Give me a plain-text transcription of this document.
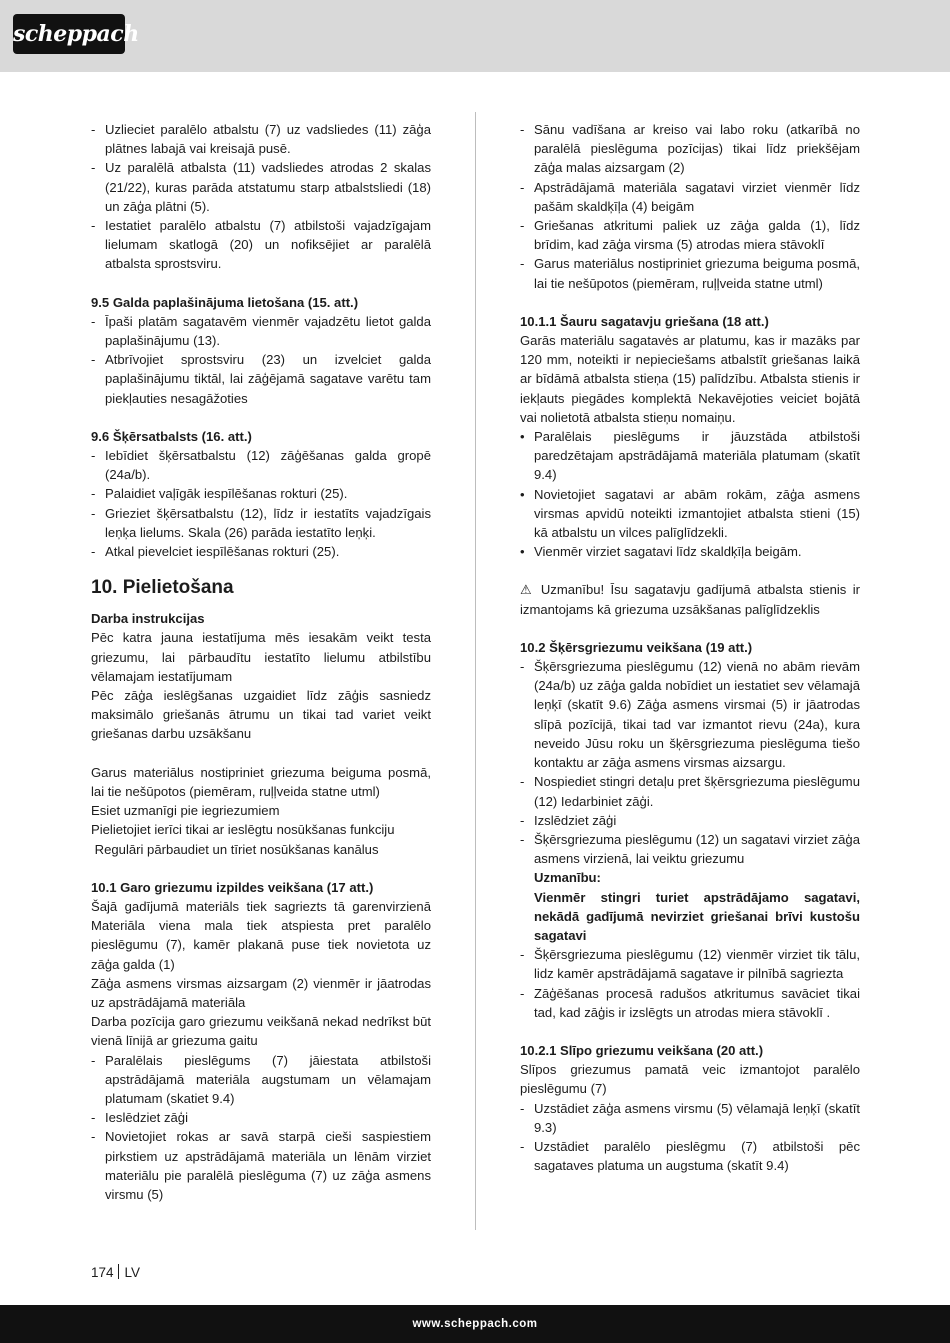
scheppach

- Uzlieciet paralēlo atbalstu (7) uz vadsliedes (11) zāģa plātnes labajā vai kreisajā pusē.

- Uz paralēlā atbalsta (11) vadsliedes atrodas 2 skalas (21/22), kuras parāda atstatumu starp atbalstsliedi (18) un zāģa plātni (5).

- Iestatiet paralēlo atbalstu (7) atbilstoši vajadzīgajam lielumam skatlogā (20) un nofiksējiet ar paralēlā atbalsta sprostsviru.

9.5 Galda paplašinājuma lietošana (15. att.)

- Īpaši platām sagatavēm vienmēr vajadzētu lietot galda paplašinājumu (13).

- Atbrīvojiet sprostsviru (23) un izvelciet galda paplašinājumu tiktāl, lai zāģējamā sagatave varētu tam piekļauties nesagāžoties

9.6 Šķērsatbalsts (16. att.)

- Iebīdiet šķērsatbalstu (12) zāģēšanas galda gropē (24a/b).

- Palaidiet vaļīgāk iespīlēšanas rokturi (25).

- Grieziet šķērsatbalstu (12), līdz ir iestatīts vajadzīgais leņķa lielums. Skala (26) parāda iestatīto leņķi.

- Atkal pievelciet iespīlēšanas rokturi (25).

10. Pielietošana

Darba instrukcijas

Pēc katra jauna iestatījuma mēs iesakām veikt testa griezumu, lai pārbaudītu iestatīto lielumu atbilstību vēlamajam iestatījumam

Pēc zāģa ieslēgšanas uzgaidiet līdz zāģis sasniedz maksimālo griešanās ātrumu un tikai tad variet veikt griešanas darbu uzsākšanu

Garus materiālus nostipriniet griezuma beiguma posmā, lai tie nešūpotos (piemēram, ruļļveida statne utml)

Esiet uzmanīgi pie iegriezumiem

Pielietojiet ierīci tikai ar ieslēgtu nosūkšanas funkciju

Regulāri pārbaudiet un tīriet nosūkšanas kanālus

10.1 Garo griezumu izpildes veikšana (17 att.)

Šajā gadījumā materiāls tiek sagriezts tā garenvirzienā Materiāla viena mala tiek atspiesta pret paralēlo pieslēgumu (7), kamēr plakanā puse tiek novietota uz zāģa galda (1)

Zāģa asmens virsmas aizsargam (2) vienmēr ir jāatrodas uz apstrādājamā materiāla

Darba pozīcija garo griezumu veikšanā nekad nedrīkst būt vienā līnijā ar griezuma gaitu

- Paralēlais pieslēgums (7) jāiestata atbilstoši apstrādājamā materiāla augstumam un vēlamajam platumam (skatiet 9.4)

- Ieslēdziet zāģi

- Novietojiet rokas ar savā starpā cieši saspiestiem pirkstiem uz apstrādājamā materiāla un lēnām virziet materiālu pie paralēlā pieslēguma (7) uz zāģa asmens virsmu (5)

- Sānu vadīšana ar kreiso vai labo roku (atkarībā no paralēlā pieslēguma pozīcijas) tikai līdz priekšējam zāģa malas aizsargam (2)

- Apstrādājamā materiāla sagatavi virziet vienmēr līdz pašām skaldķīļa (4) beigām

- Griešanas atkritumi paliek uz zāģa galda (1), līdz brīdim, kad zāģa virsma (5) atrodas miera stāvoklī

- Garus materiālus nostipriniet griezuma beiguma posmā, lai tie nešūpotos (piemēram, ruļļveida statne utml)

10.1.1 Šauru sagatavju griešana (18 att.)

Garās materiālu sagatavės ar platumu, kas ir mazāks par 120 mm, noteikti ir nepieciešams atbalstīt griešanas laikā ar bīdāmā atbalsta stieņa (15) palīdzību. Atbalsta stienis ir iekļauts piegādes komplektā Nekavējoties veiciet bojātā vai nolietotā atbalsta stieņu nomaiņu.

• Paralēlais pieslēgums ir jāuzstāda atbilstoši paredzētajam apstrādājamā materiāla platumam (skatīt 9.4)

• Novietojiet sagatavi ar abām rokām, zāģa asmens virsmas apvidū noteikti izmantojiet atbalsta stieni (15) kā atbalstu un vilces palīglīdzekli.

• Vienmēr virziet sagatavi līdz skaldķīļa beigām.

⚠ Uzmanību! Īsu sagatavju gadījumā atbalsta stienis ir izmantojams kā griezuma uzsākšanas palīglīdzeklis

10.2 Šķērsgriezumu veikšana (19 att.)

- Šķērsgriezuma pieslēgumu (12) vienā no abām rievām (24a/b) uz zāģa galda nobīdiet un iestatiet sev vēlamajā leņķī (skatīt 9.6) Zāģa asmens virsmai (5) ir jāatrodas slīpā pozīcijā, tikai tad var izmantot rievu (24a), kura neveido Jūsu roku un šķērsgriezuma pieslēguma tiešo kontaktu ar zāģa asmens virsmas aizsargu.

- Nospiediet stingri detaļu pret šķērsgriezuma pieslēgumu (12) Iedarbiniet zāģi.

- Izslēdziet zāģi

- Šķērsgriezuma pieslēgumu (12) un sagatavi virziet zāģa asmens virzienā, lai veiktu griezumu

Uzmanību:

Vienmēr stingri turiet apstrādājamo sagatavi, nekādā gadījumā nevirziet griešanai brīvi kustošu sagatavi

- Šķērsgriezuma pieslēgumu (12) vienmēr virziet tik tālu, lidz kamēr apstrādājamā sagatave ir pilnībā sagriezta

- Zāģēšanas procesā radušos atkritumus savāciet tikai tad, kad zāģis ir izslēgts un atrodas miera stāvoklī .

10.2.1 Slīpo griezumu veikšana (20 att.)

Slīpos griezumus pamatā veic izmantojot paralēlo pieslēgumu (7)

- Uzstādiet zāģa asmens virsmu (5) vēlamajā leņķī (skatīt 9.3)

- Uzstādiet paralēlo pieslēgmu (7) atbilstoši pēc sagataves platuma un augstuma (skatīt 9.4)

174 LV
www.scheppach.com
